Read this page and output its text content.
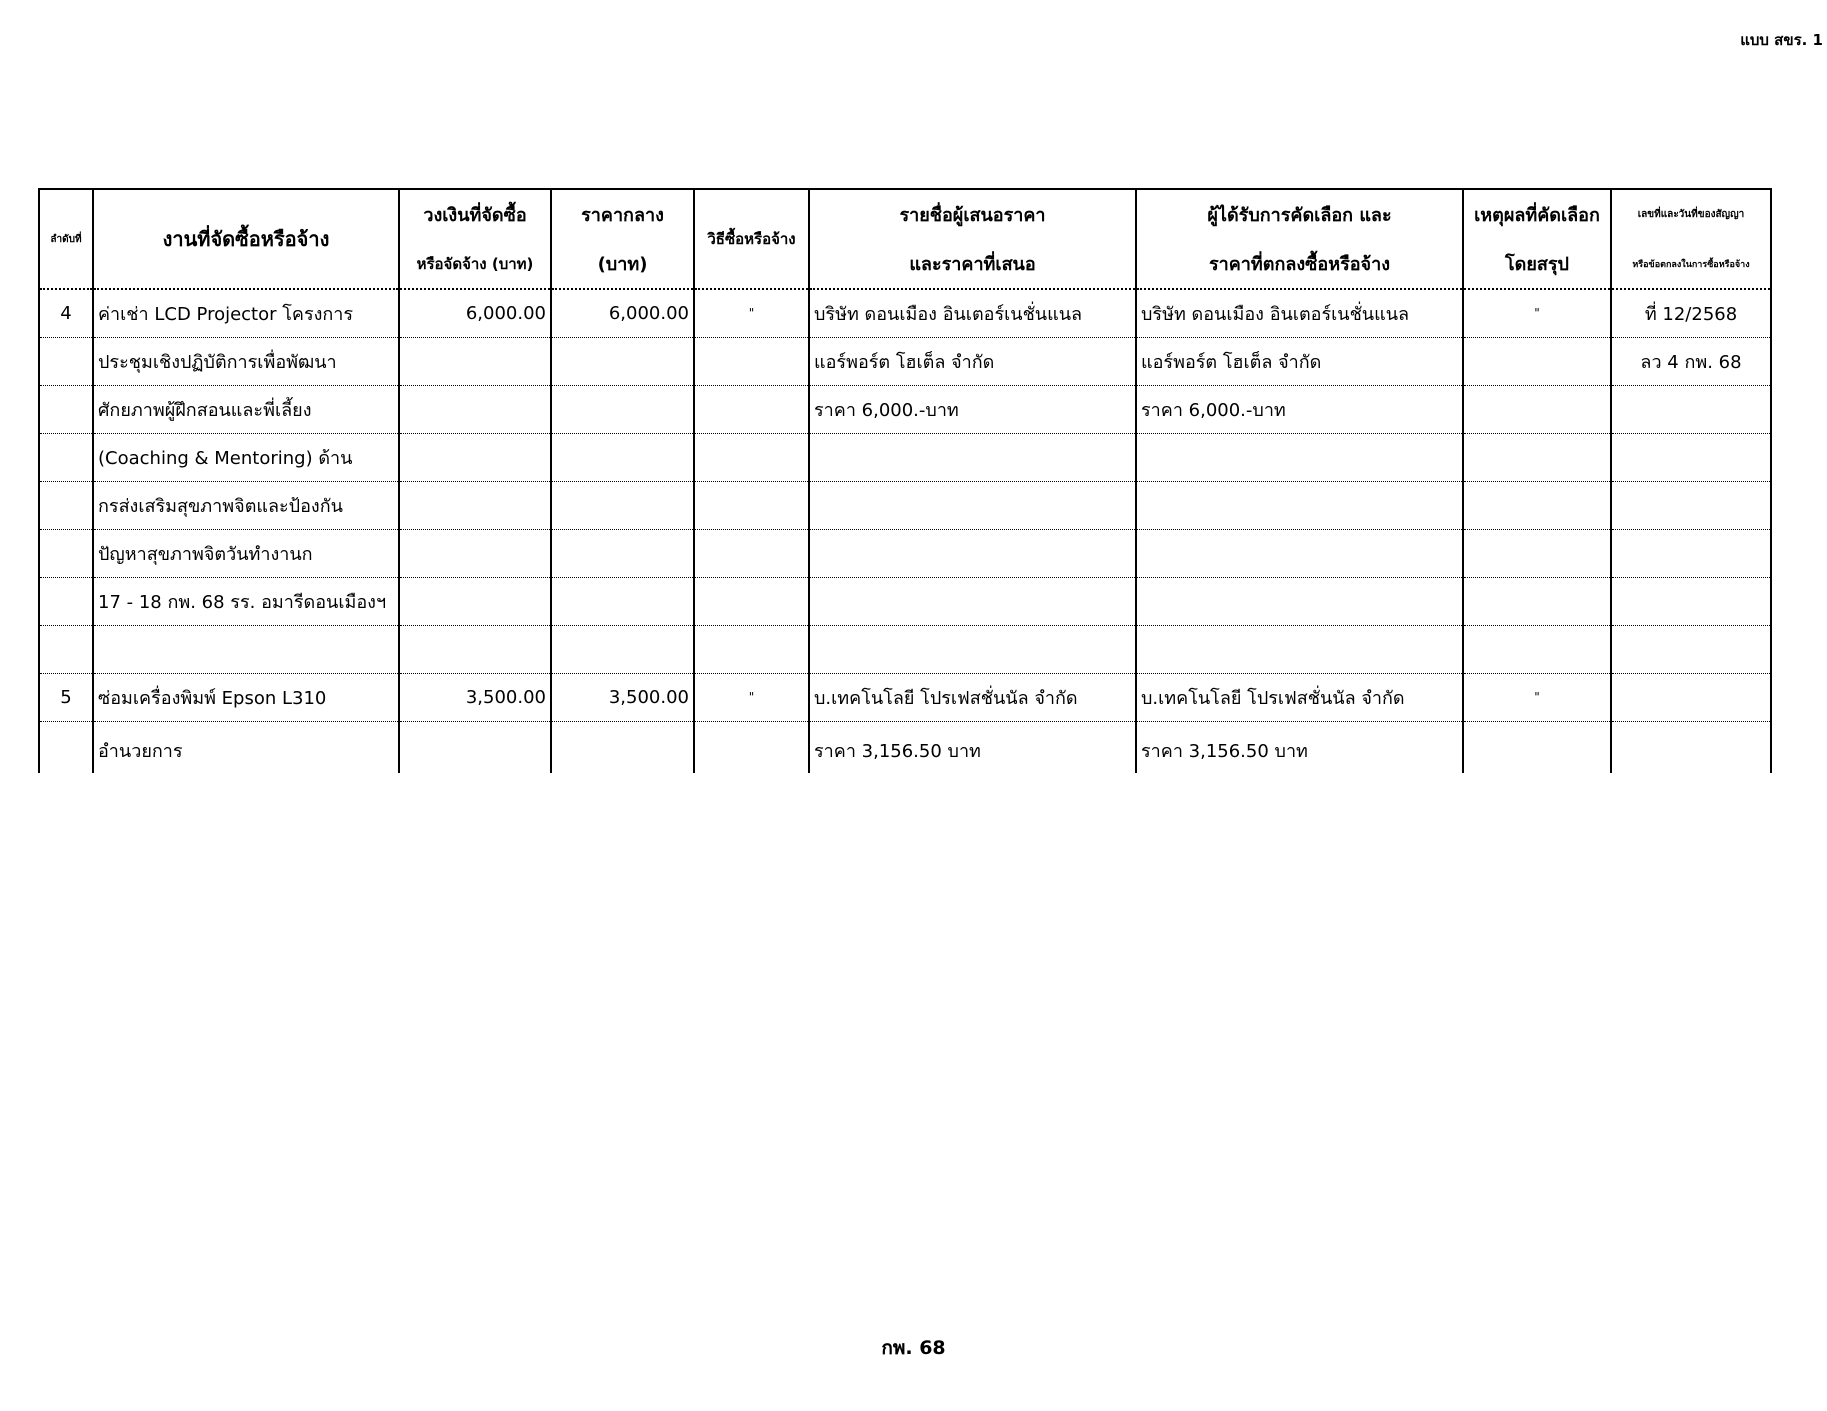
แบบ สขร. 1
ลำดับที่	งานที่จัดซื้อหรือจ้าง	วงเงินที่จัดซื้อ	ราคากลาง	วิธีซื้อหรือจ้าง	รายชื่อผู้เสนอราคา	ผู้ได้รับการคัดเลือก และ	เหตุผลที่คัดเลือก	เลขที่และวันที่ของสัญญา
		หรือจัดจ้าง (บาท)	(บาท)		และราคาที่เสนอ	ราคาที่ตกลงซื้อหรือจ้าง	โดยสรุป	หรือข้อตกลงในการซื้อหรือจ้าง
4	ค่าเช่า LCD Projector โครงการ	6,000.00	6,000.00	"	บริษัท ดอนเมือง อินเตอร์เนชั่นแนล	บริษัท ดอนเมือง อินเตอร์เนชั่นแนล	"	ที่ 12/2568
	ประชุมเชิงปฏิบัติการเพื่อพัฒนา				แอร์พอร์ต โฮเต็ล จำกัด	แอร์พอร์ต โฮเต็ล จำกัด		ลว 4 กพ. 68
	ศักยภาพผู้ฝึกสอนและพี่เลี้ยง				ราคา 6,000.-บาท	ราคา 6,000.-บาท		
	(Coaching & Mentoring) ด้าน							
	กรส่งเสริมสุขภาพจิตและป้องกัน							
	ปัญหาสุขภาพจิตวันทำงานก							
	17 - 18 กพ. 68 รร. อมารีดอนเมืองฯ							

5	ซ่อมเครื่องพิมพ์ Epson L310	3,500.00	3,500.00	"	บ.เทคโนโลยี โปรเฟสชั่นนัล จำกัด	บ.เทคโนโลยี โปรเฟสชั่นนัล จำกัด	"	
	อำนวยการ				ราคา 3,156.50 บาท	ราคา 3,156.50 บาท		
กพ. 68
